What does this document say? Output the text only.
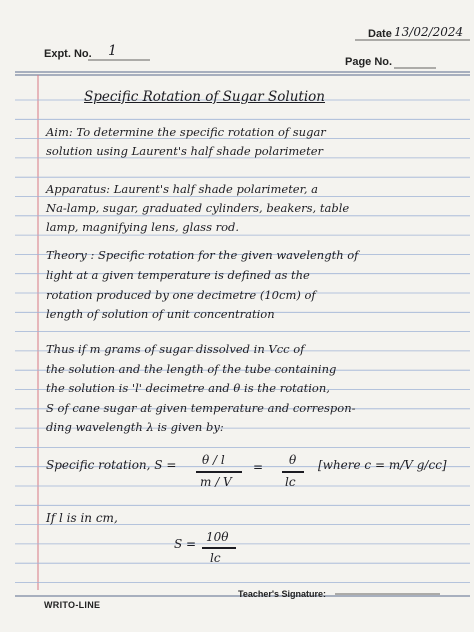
Date 13/02/2024
Expt. No. 1
Page No.
Specific Rotation of Sugar Solution
Aim: To determine the specific rotation of sugar
solution using Laurent's half shade polarimeter
Apparatus: Laurent's half shade polarimeter, a
Na-lamp, sugar, graduated cylinders, beakers, table
lamp, magnifying lens, glass rod.
Theory : Specific rotation for the given wavelength of
light at a given temperature is defined as the
rotation produced by one decimetre (10cm) of
length of solution of unit concentration
Thus if m grams of sugar dissolved in Vcc of
the solution and the length of the tube containing
the solution is 'l' decimetre and θ is the rotation,
S of cane sugar at given temperature and correspon-
ding wavelength λ is given by:
Specific rotation, S = θ / l
m / V
= θ
lc
[where c = m/V g/cc]
If l is in cm,
S = 10θ
lc
WRITO-LINE
Teacher's Signature:
